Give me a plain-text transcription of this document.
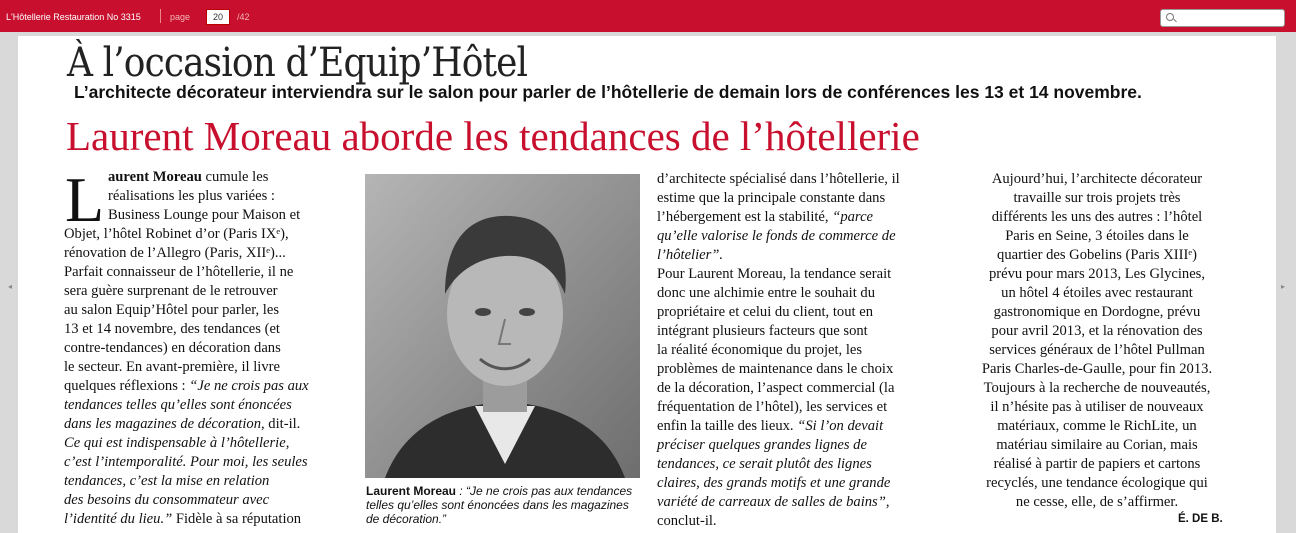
L'Hôtellerie Restauration No 3315	page	20	/42
◂	▸
À l’occasion d’Equip’Hôtel
L’architecte décorateur interviendra sur le salon pour parler de l’hôtellerie de demain lors de conférences les 13 et 14 novembre.
Laurent Moreau aborde les tendances de l’hôtellerie
L aurent Moreau cumule les

réalisations les plus variées :

Business Lounge pour Maison et

Objet, l’hôtel Robinet d’or (Paris IXᵉ),

rénovation de l’Allegro (Paris, XIIᵉ)...

Parfait connaisseur de l’hôtellerie, il ne

sera guère surprenant de le retrouver

au salon Equip’Hôtel pour parler, les

13 et 14 novembre, des tendances (et

contre-tendances) en décoration dans

le secteur. En avant-première, il livre

quelques réflexions : “Je ne crois pas aux

tendances telles qu’elles sont énoncées

dans les magazines de décoration, dit-il.

Ce qui est indispensable à l’hôtellerie,

c’est l’intemporalité. Pour moi, les seules

tendances, c’est la mise en relation

des besoins du consommateur avec

l’identité du lieu.” Fidèle à sa réputation

Laurent Moreau : “Je ne crois pas aux tendances

telles qu’elles sont énoncées dans les magazines

de décoration.”

d’architecte spécialisé dans l’hôtellerie, il

estime que la principale constante dans

l’hébergement est la stabilité, “parce

qu’elle valorise le fonds de commerce de

l’hôtelier”.

Pour Laurent Moreau, la tendance serait

donc une alchimie entre le souhait du

propriétaire et celui du client, tout en

intégrant plusieurs facteurs que sont

la réalité économique du projet, les

problèmes de maintenance dans le choix

de la décoration, l’aspect commercial (la

fréquentation de l’hôtel), les services et

enfin la taille des lieux. “Si l’on devait

préciser quelques grandes lignes de

tendances, ce serait plutôt des lignes

claires, des grands motifs et une grande

variété de carreaux de salles de bains”,

conclut-il.

Aujourd’hui, l’architecte décorateur

travaille sur trois projets très

différents les uns des autres : l’hôtel

Paris en Seine, 3 étoiles dans le

quartier des Gobelins (Paris XIIIᵉ)

prévu pour mars 2013, Les Glycines,

un hôtel 4 étoiles avec restaurant

gastronomique en Dordogne, prévu

pour avril 2013, et la rénovation des

services généraux de l’hôtel Pullman

Paris Charles-de-Gaulle, pour fin 2013.

Toujours à la recherche de nouveautés,

il n’hésite pas à utiliser de nouveaux

matériaux, comme le RichLite, un

matériau similaire au Corian, mais

réalisé à partir de papiers et cartons

recyclés, une tendance écologique qui

ne cesse, elle, de s’affirmer.

É. DE B.
